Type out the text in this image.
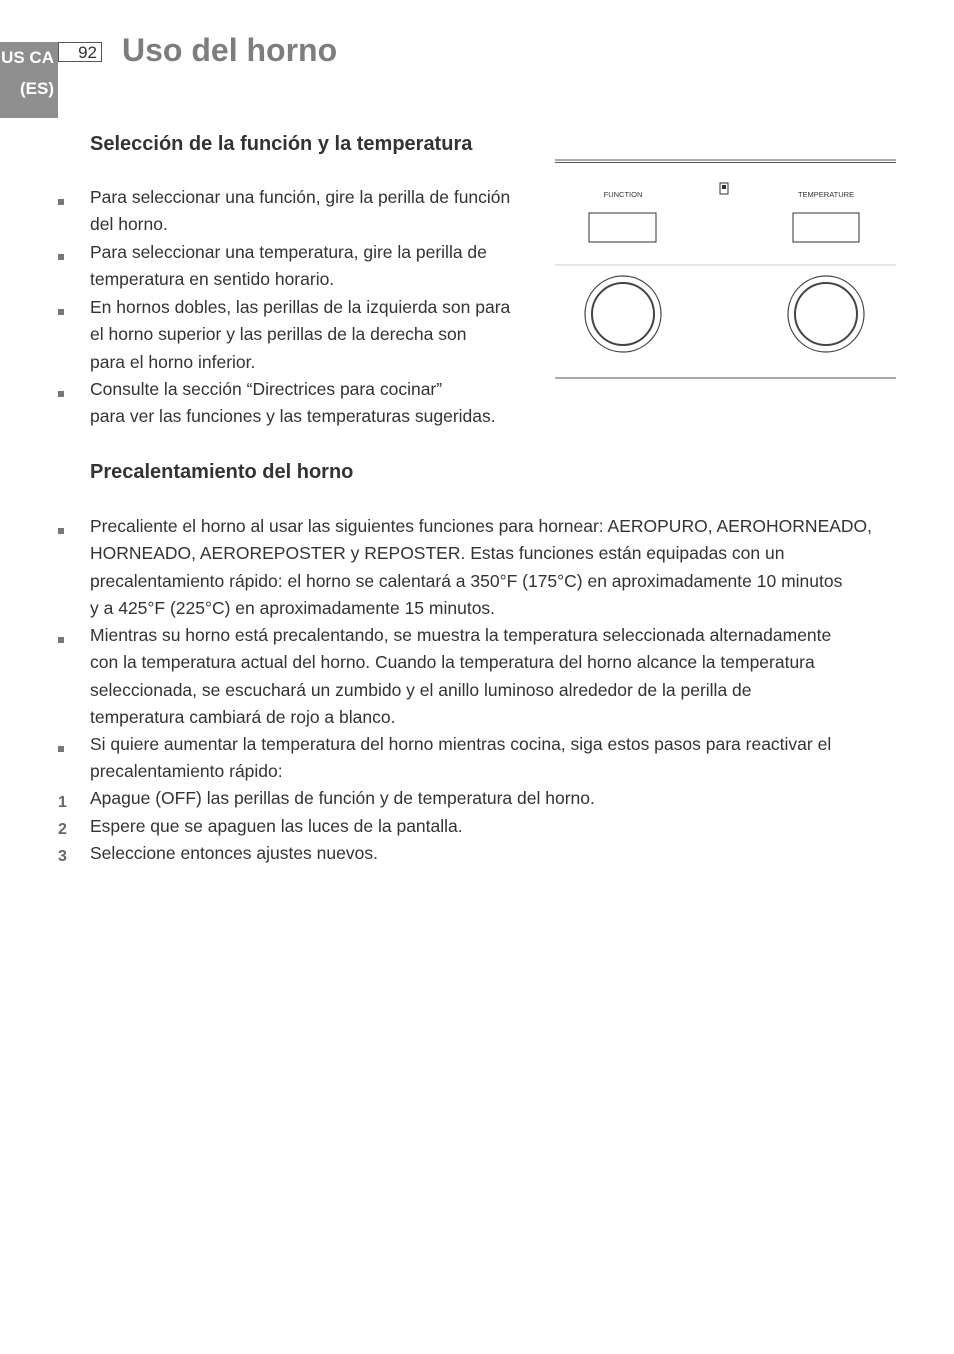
US CA
(ES)
92 Uso del horno
Selección de la función y la temperatura
Para seleccionar una función, gire la perilla de función
del horno.
Para seleccionar una temperatura, gire la perilla de
temperatura en sentido horario.
En hornos dobles, las perillas de la izquierda son para
el horno superior y las perillas de la derecha son
para el horno inferior.
Consulte la sección “Directrices para cocinar”
para ver las funciones y las temperaturas sugeridas.
FUNCTION	TEMPERATURE
Precalentamiento del horno
Precaliente el horno al usar las siguientes funciones para hornear: AEROPURO, AEROHORNEADO,
HORNEADO, AEROREPOSTER y REPOSTER. Estas funciones están equipadas con un
precalentamiento rápido: el horno se calentará a 350°F (175°C) en aproximadamente 10 minutos
y a 425°F (225°C) en aproximadamente 15 minutos.
Mientras su horno está precalentando, se muestra la temperatura seleccionada alternadamente
con la temperatura actual del horno. Cuando la temperatura del horno alcance la temperatura
seleccionada, se escuchará un zumbido y el anillo luminoso alrededor de la perilla de
temperatura cambiará de rojo a blanco.
Si quiere aumentar la temperatura del horno mientras cocina, siga estos pasos para reactivar el
precalentamiento rápido:
1 Apague (OFF) las perillas de función y de temperatura del horno.
2 Espere que se apaguen las luces de la pantalla.
3 Seleccione entonces ajustes nuevos.
